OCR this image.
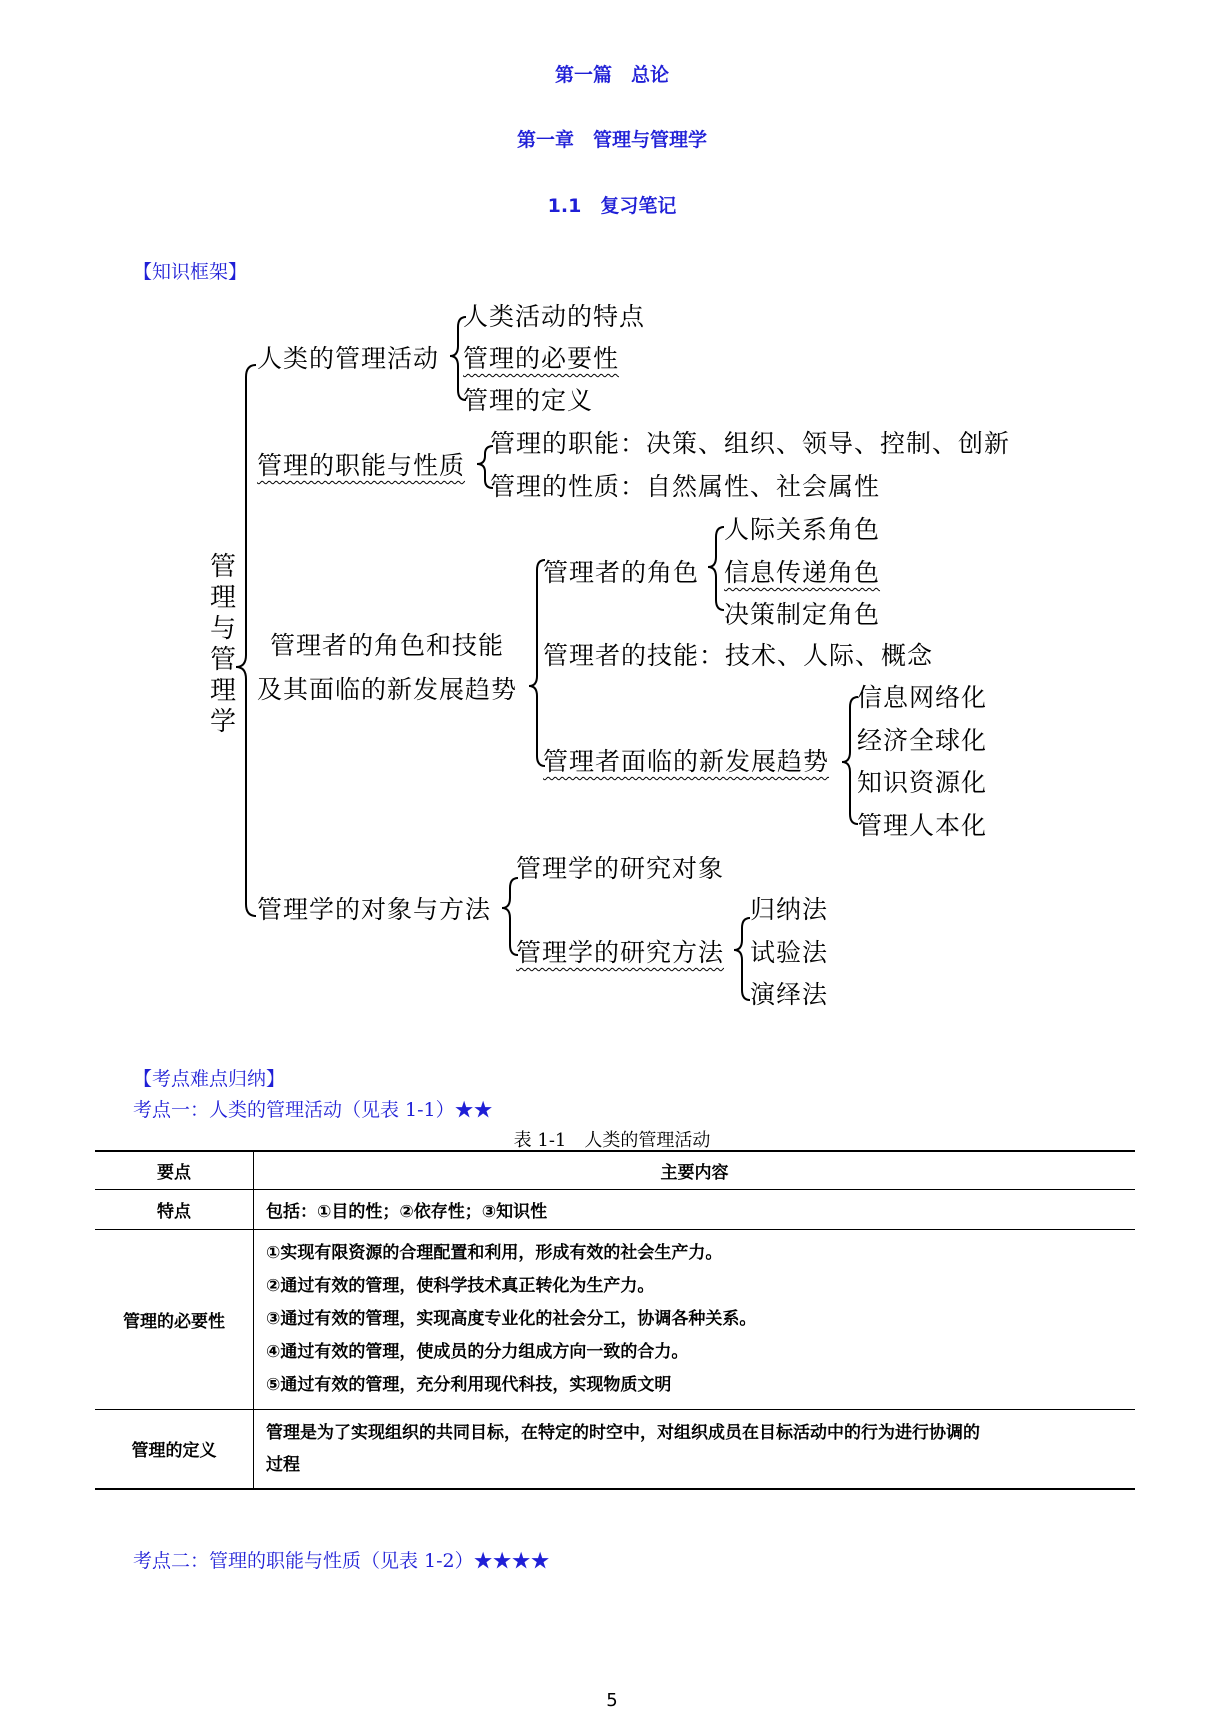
第一篇　总论
第一章　管理与管理学
1.1　复习笔记
【知识框架】
管理与管理学
人类的管理活动
人类活动的特点
管理的必要性
管理的定义
管理的职能与性质
管理的职能：决策、组织、领导、控制、创新
管理的性质：自然属性、社会属性
管理者的角色和技能
及其面临的新发展趋势
管理者的角色
人际关系角色
信息传递角色
决策制定角色
管理者的技能：技术、人际、概念
管理者面临的新发展趋势
信息网络化
经济全球化
知识资源化
管理人本化
管理学的对象与方法
管理学的研究对象
管理学的研究方法
归纳法
试验法
演绎法
【考点难点归纳】
考点一：人类的管理活动（见表 1-1）★★
表 1-1　人类的管理活动
要点	主要内容
特点	包括：①目的性；②依存性；③知识性
管理的必要性	①实现有限资源的合理配置和利用，形成有效的社会生产力。
②通过有效的管理，使科学技术真正转化为生产力。
③通过有效的管理，实现高度专业化的社会分工，协调各种关系。
④通过有效的管理，使成员的分力组成方向一致的合力。
⑤通过有效的管理，充分利用现代科技，实现物质文明

管理的定义	管理是为了实现组织的共同目标，在特定的时空中，对组织成员在目标活动中的行为进行协调的
过程
考点二：管理的职能与性质（见表 1-2）★★★★
5
